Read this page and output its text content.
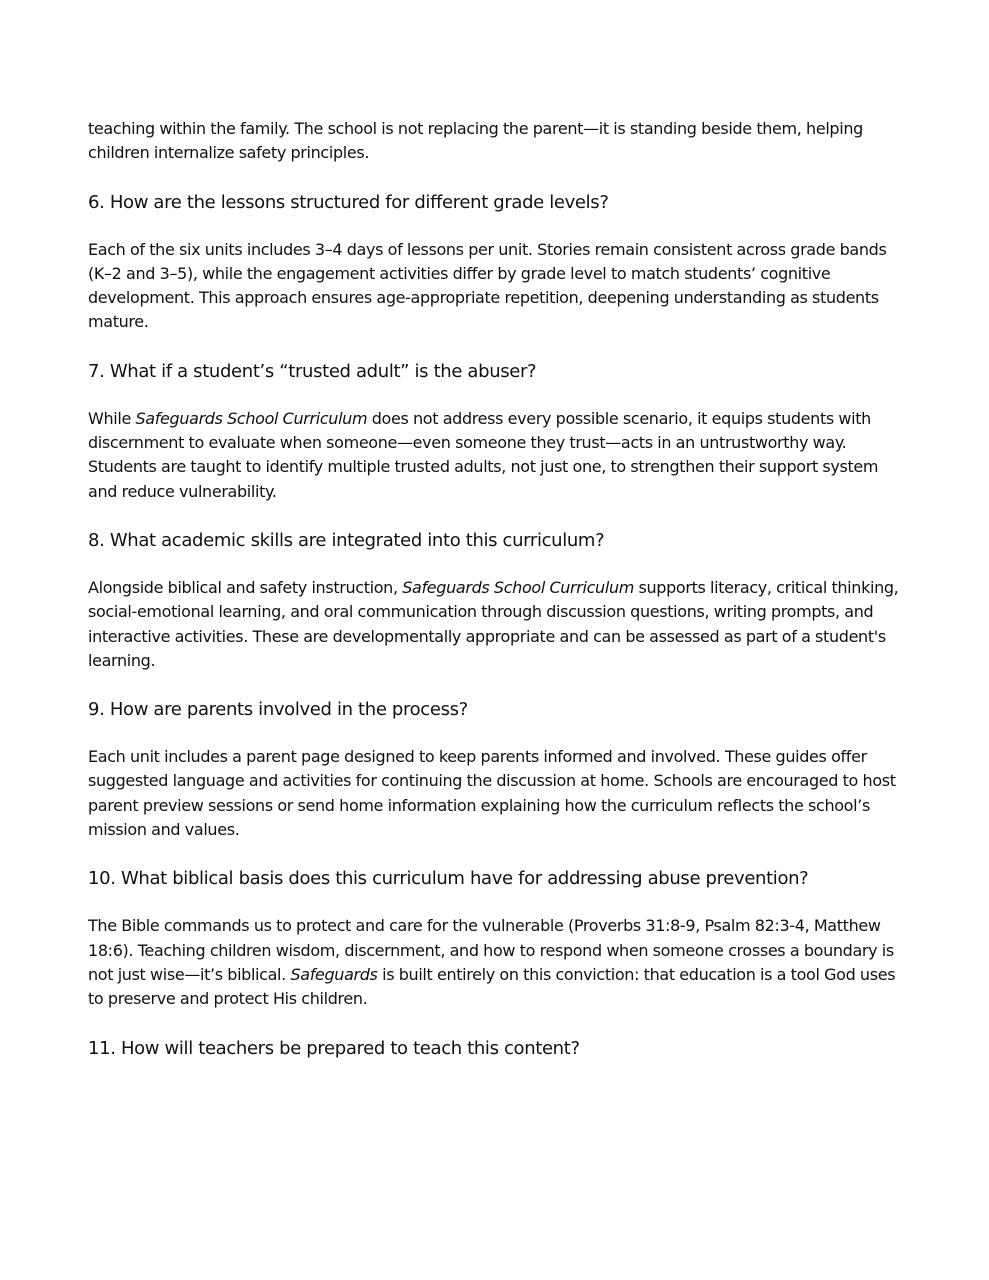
teaching within the family. The school is not replacing the parent—it is standing beside them, helping children internalize safety principles.

6. How are the lessons structured for different grade levels?

Each of the six units includes 3–4 days of lessons per unit. Stories remain consistent across grade bands (K–2 and 3–5), while the engagement activities differ by grade level to match students’ cognitive development. This approach ensures age-appropriate repetition, deepening understanding as students mature.

7. What if a student’s “trusted adult” is the abuser?

While Safeguards School Curriculum does not address every possible scenario, it equips students with discernment to evaluate when someone—even someone they trust—acts in an untrustworthy way. Students are taught to identify multiple trusted adults, not just one, to strengthen their support system and reduce vulnerability.

8. What academic skills are integrated into this curriculum?

Alongside biblical and safety instruction, Safeguards School Curriculum supports literacy, critical thinking, social-emotional learning, and oral communication through discussion questions, writing prompts, and interactive activities. These are developmentally appropriate and can be assessed as part of a student's learning.

9. How are parents involved in the process?

Each unit includes a parent page designed to keep parents informed and involved. These guides offer suggested language and activities for continuing the discussion at home. Schools are encouraged to host parent preview sessions or send home information explaining how the curriculum reflects the school’s mission and values.

10. What biblical basis does this curriculum have for addressing abuse prevention?

The Bible commands us to protect and care for the vulnerable (Proverbs 31:8-9, Psalm 82:3-4, Matthew 18:6). Teaching children wisdom, discernment, and how to respond when someone crosses a boundary is not just wise—it’s biblical. Safeguards is built entirely on this conviction: that education is a tool God uses to preserve and protect His children.

11. How will teachers be prepared to teach this content?
